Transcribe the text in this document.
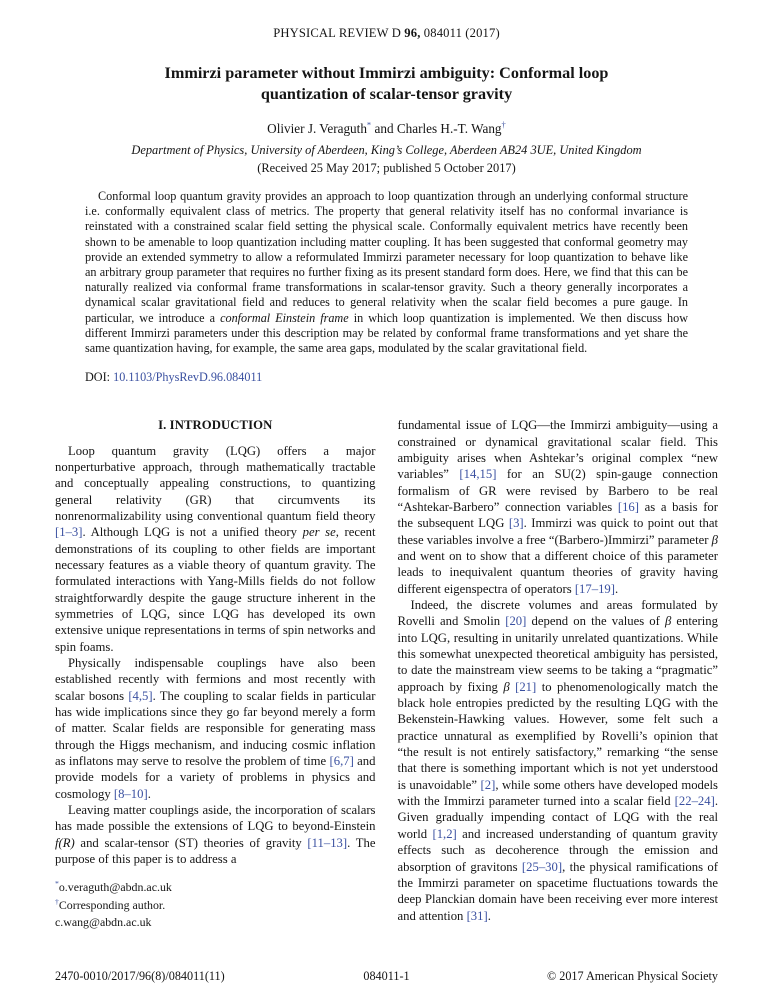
PHYSICAL REVIEW D 96, 084011 (2017)
Immirzi parameter without Immirzi ambiguity: Conformal loop
quantization of scalar-tensor gravity
Olivier J. Veraguth* and Charles H.-T. Wang†
Department of Physics, University of Aberdeen, King’s College, Aberdeen AB24 3UE, United Kingdom
(Received 25 May 2017; published 5 October 2017)
Conformal loop quantum gravity provides an approach to loop quantization through an underlying conformal structure i.e. conformally equivalent class of metrics. The property that general relativity itself has no conformal invariance is reinstated with a constrained scalar field setting the physical scale. Conformally equivalent metrics have recently been shown to be amenable to loop quantization including matter coupling. It has been suggested that conformal geometry may provide an extended symmetry to allow a reformulated Immirzi parameter necessary for loop quantization to behave like an arbitrary group parameter that requires no further fixing as its present standard form does. Here, we find that this can be naturally realized via conformal frame transformations in scalar-tensor gravity. Such a theory generally incorporates a dynamical scalar gravitational field and reduces to general relativity when the scalar field becomes a pure gauge. In particular, we introduce a conformal Einstein frame in which loop quantization is implemented. We then discuss how different Immirzi parameters under this description may be related by conformal frame transformations and yet share the same quantization having, for example, the same area gaps, modulated by the scalar gravitational field.
DOI: 10.1103/PhysRevD.96.084011
I. INTRODUCTION

Loop quantum gravity (LQG) offers a major nonperturbative approach, through mathematically tractable and conceptually appealing constructions, to quantizing general relativity (GR) that circumvents its nonrenormalizability using conventional quantum field theory [1–3]. Although LQG is not a unified theory per se, recent demonstrations of its coupling to other fields are important necessary features as a viable theory of quantum gravity. The formulated interactions with Yang-Mills fields do not follow straightforwardly despite the gauge structure inherent in the symmetries of LQG, since LQG has developed its own extensive unique representations in terms of spin networks and spin foams.

Physically indispensable couplings have also been established recently with fermions and most recently with scalar bosons [4,5]. The coupling to scalar fields in particular has wide implications since they go far beyond merely a form of matter. Scalar fields are responsible for generating mass through the Higgs mechanism, and inducing cosmic inflation as inflatons may serve to resolve the problem of time [6,7] and provide models for a variety of problems in physics and cosmology [8–10].

Leaving matter couplings aside, the incorporation of scalars has made possible the extensions of LQG to beyond-Einstein f(R) and scalar-tensor (ST) theories of gravity [11–13]. The purpose of this paper is to address a

fundamental issue of LQG—the Immirzi ambiguity—using a constrained or dynamical gravitational scalar field. This ambiguity arises when Ashtekar’s original complex “new variables” [14,15] for an SU(2) spin-gauge connection formalism of GR were revised by Barbero to be real “Ashtekar-Barbero” connection variables [16] as a basis for the subsequent LQG [3]. Immirzi was quick to point out that these variables involve a free “(Barbero-)Immirzi” parameter β and went on to show that a different choice of this parameter leads to inequivalent quantum theories of gravity having different eigenspectra of operators [17–19].

Indeed, the discrete volumes and areas formulated by Rovelli and Smolin [20] depend on the values of β entering into LQG, resulting in unitarily unrelated quantizations. While this somewhat unexpected theoretical ambiguity has persisted, to date the mainstream view seems to be taking a “pragmatic” approach by fixing β [21] to phenomenologically match the black hole entropies predicted by the resulting LQG with the Bekenstein-Hawking values. However, some felt such a practice unnatural as exemplified by Rovelli’s opinion that “the result is not entirely satisfactory,” remarking “the sense that there is something important which is not yet understood is unavoidable” [2], while some others have developed models with the Immirzi parameter turned into a scalar field [22–24]. Given gradually impending contact of LQG with the real world [1,2] and increased understanding of quantum gravity effects such as decoherence through the emission and absorption of gravitons [25–30], the physical ramifications of the Immirzi parameter on spacetime fluctuations towards the deep Planckian domain have been receiving ever more interest and attention [31].

*o.veraguth@abdn.ac.uk
†Corresponding author.
c.wang@abdn.ac.uk
2470-0010/2017/96(8)/084011(11)	084011-1	© 2017 American Physical Society
